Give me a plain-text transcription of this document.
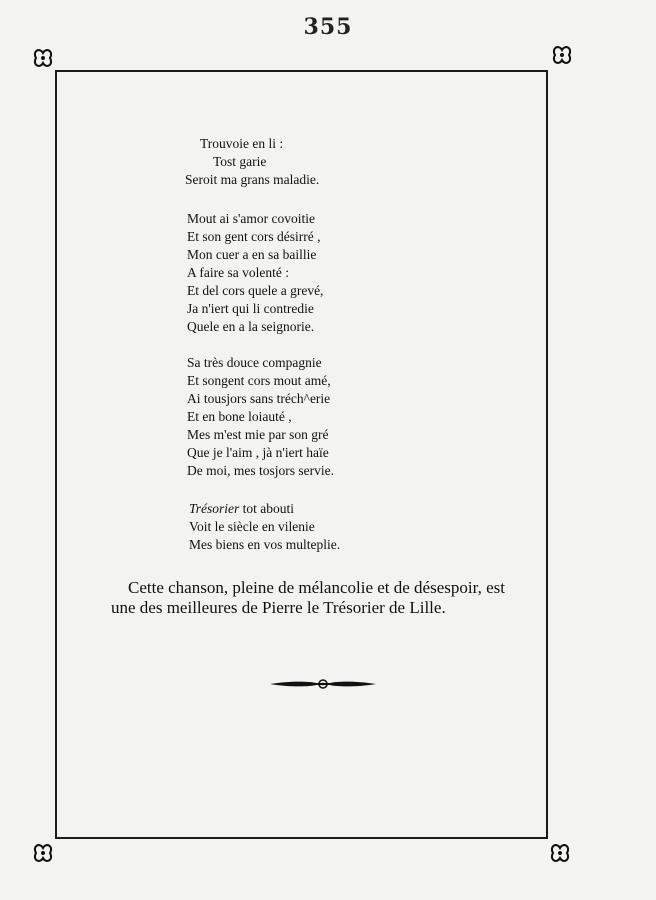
355
Trouvoie en li :
Tost garie
Seroit ma grans maladie.
Mout ai s'amor covoitie
Et son gent cors désirré ,
Mon cuer a en sa baillie
A faire sa volenté :
Et del cors quele a grevé,
Ja n'iert qui li contredie
Quele en a la seignorie.
Sa très douce compagnie
Et songent cors mout amé,
Ai tousjors sans tréch^erie
Et en bone loiauté ,
Mes m'est mie par son gré
Que je l'aim , jà n'iert haïe
De moi, mes tosjors servie.
Trésorier tot abouti
Voit le siècle en vilenie
Mes biens en vos multeplie.
Cette chanson, pleine de mélancolie et de désespoir, est
une des meilleures de Pierre le Trésorier de Lille.
